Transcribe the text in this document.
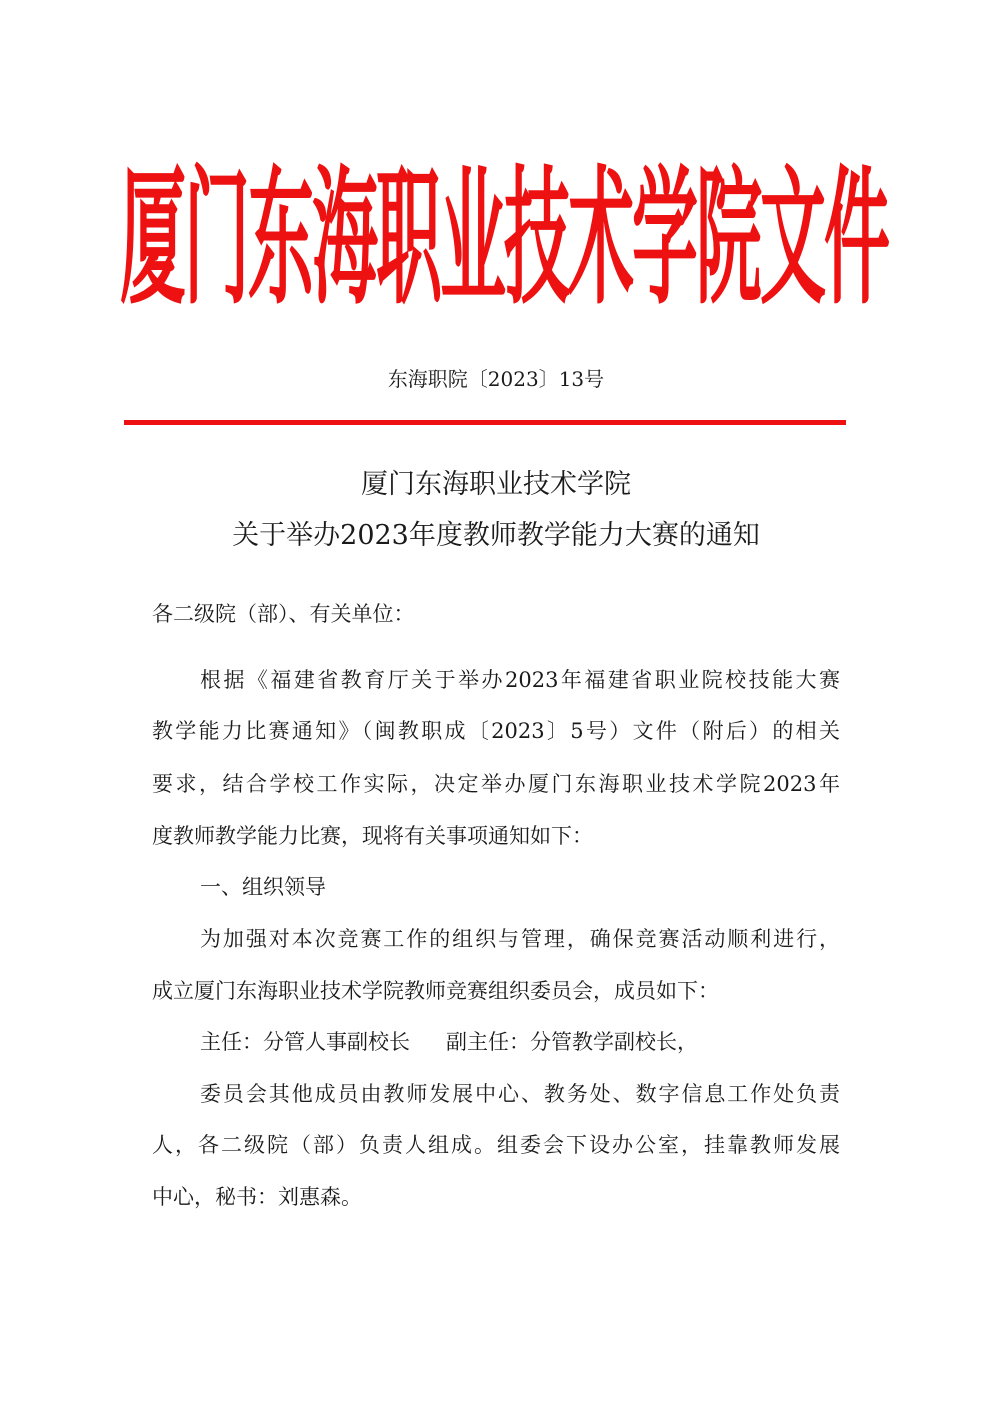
厦门东海职业技术学院文件
东海职院〔2023〕13号
厦门东海职业技术学院
关于举办2023年度教师教学能力大赛的通知
各二级院（部）、有关单位：
根据《福建省教育厅关于举办2023年福建省职业院校技能大赛
教学能力比赛通知》（闽教职成〔2023〕5号）文件（附后）的相关
要求，结合学校工作实际，决定举办厦门东海职业技术学院2023年
度教师教学能力比赛，现将有关事项通知如下：
一、组织领导
为加强对本次竞赛工作的组织与管理，确保竞赛活动顺利进行，
成立厦门东海职业技术学院教师竞赛组织委员会，成员如下：
主任：分管人事副校长 副主任：分管教学副校长，
委员会其他成员由教师发展中心、教务处、数字信息工作处负责
人，各二级院（部）负责人组成。组委会下设办公室，挂靠教师发展
中心，秘书：刘惠森。
